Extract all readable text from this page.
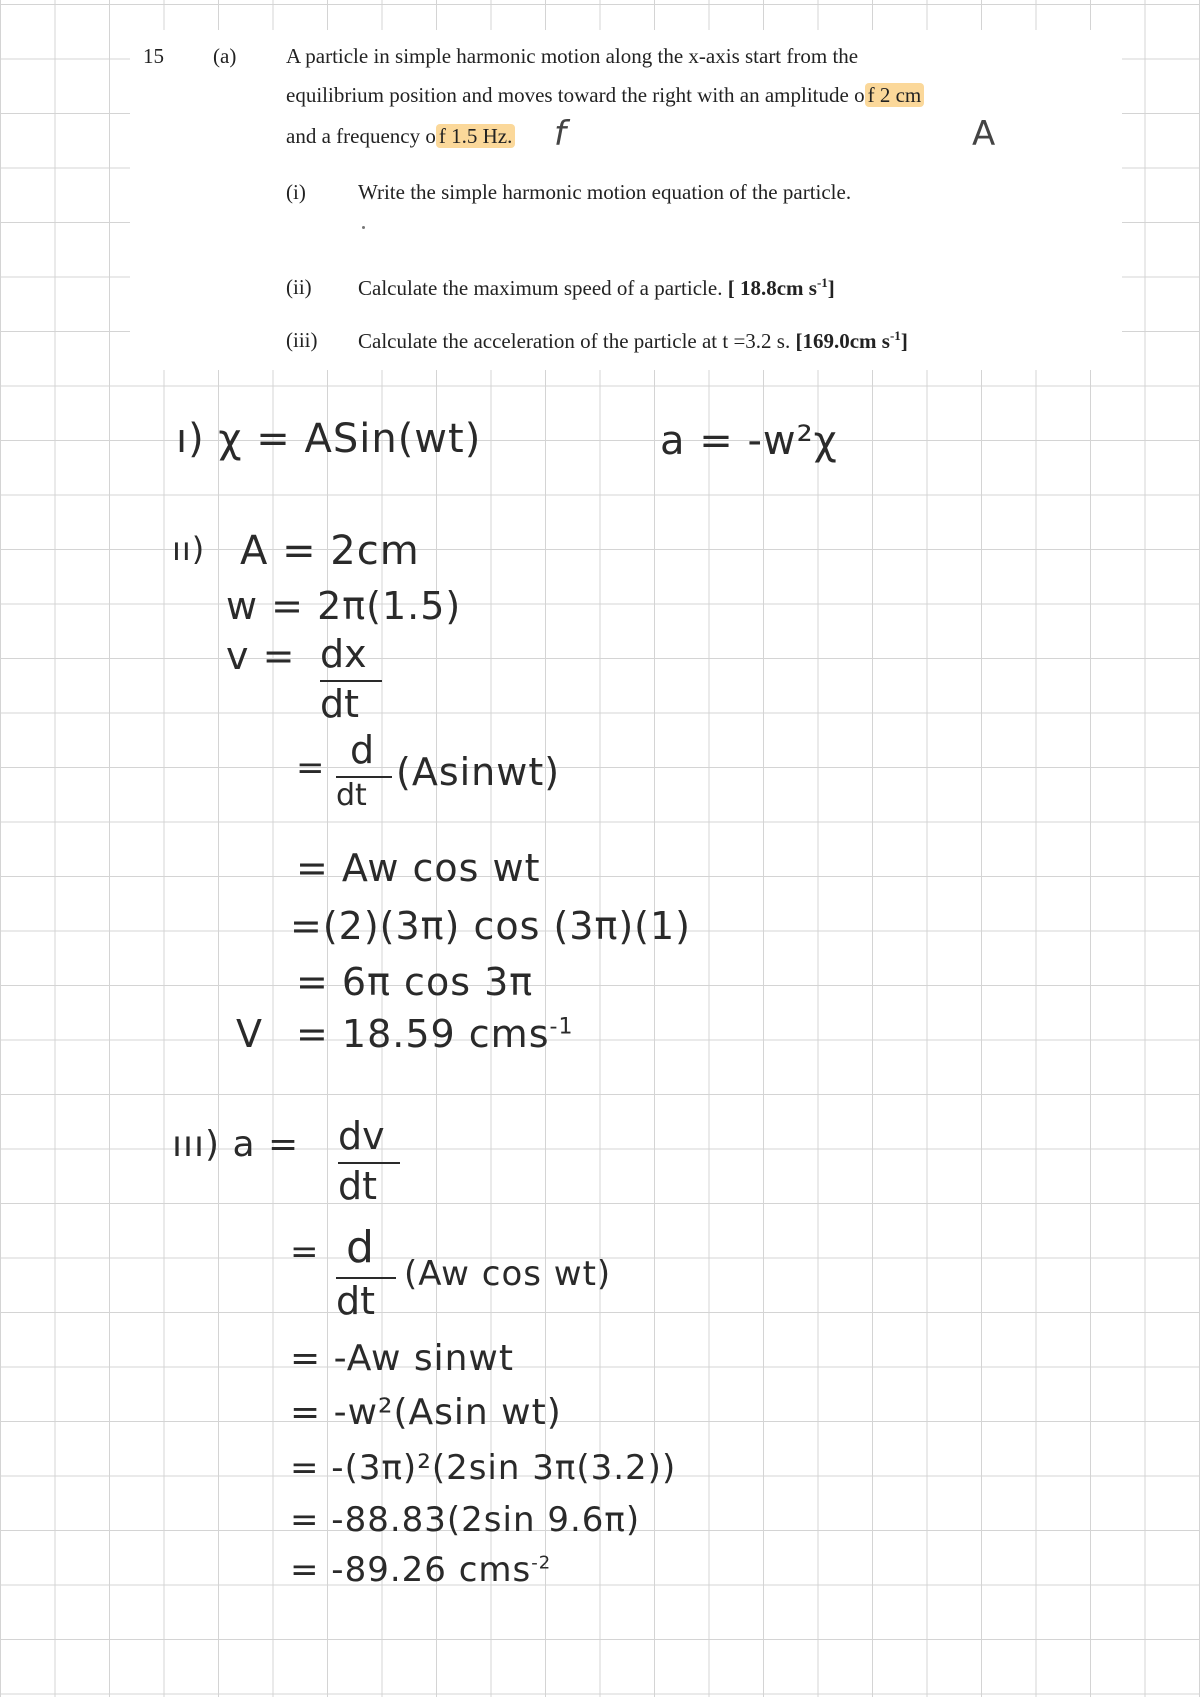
15 (a) A particle in simple harmonic motion along the x-axis start from the
equilibrium position and moves toward the right with an amplitude o f 2 cm
and a frequency o f 1.5 Hz. f	A
(i) Write the simple harmonic motion equation of the particle.
(ii) Calculate the maximum speed of a particle. [ 18.8cm $s^{-1}$]
(iii) Calculate the acceleration of the particle at t =3.2 s. [169.0cm $s^{-1}$]
ı) χ = ASin(wt)	a = -w²χ
ıı) A = 2cm
w = 2π(1.5)
v = dx
dt
= d
dt
(Asinwt)
= Aw cos wt
=(2)(3π) cos (3π)(1)
= 6π cos 3π
V = 18.59 cms$^{-1}$
ııı) a = dv
dt
= d
dt
(Aw cos wt)
= -Aw sinwt
= -w²(Asin wt)
= -(3π)²(2sin 3π(3.2))
= -88.83(2sin 9.6π)
= -89.26 cms$^{-2}$
